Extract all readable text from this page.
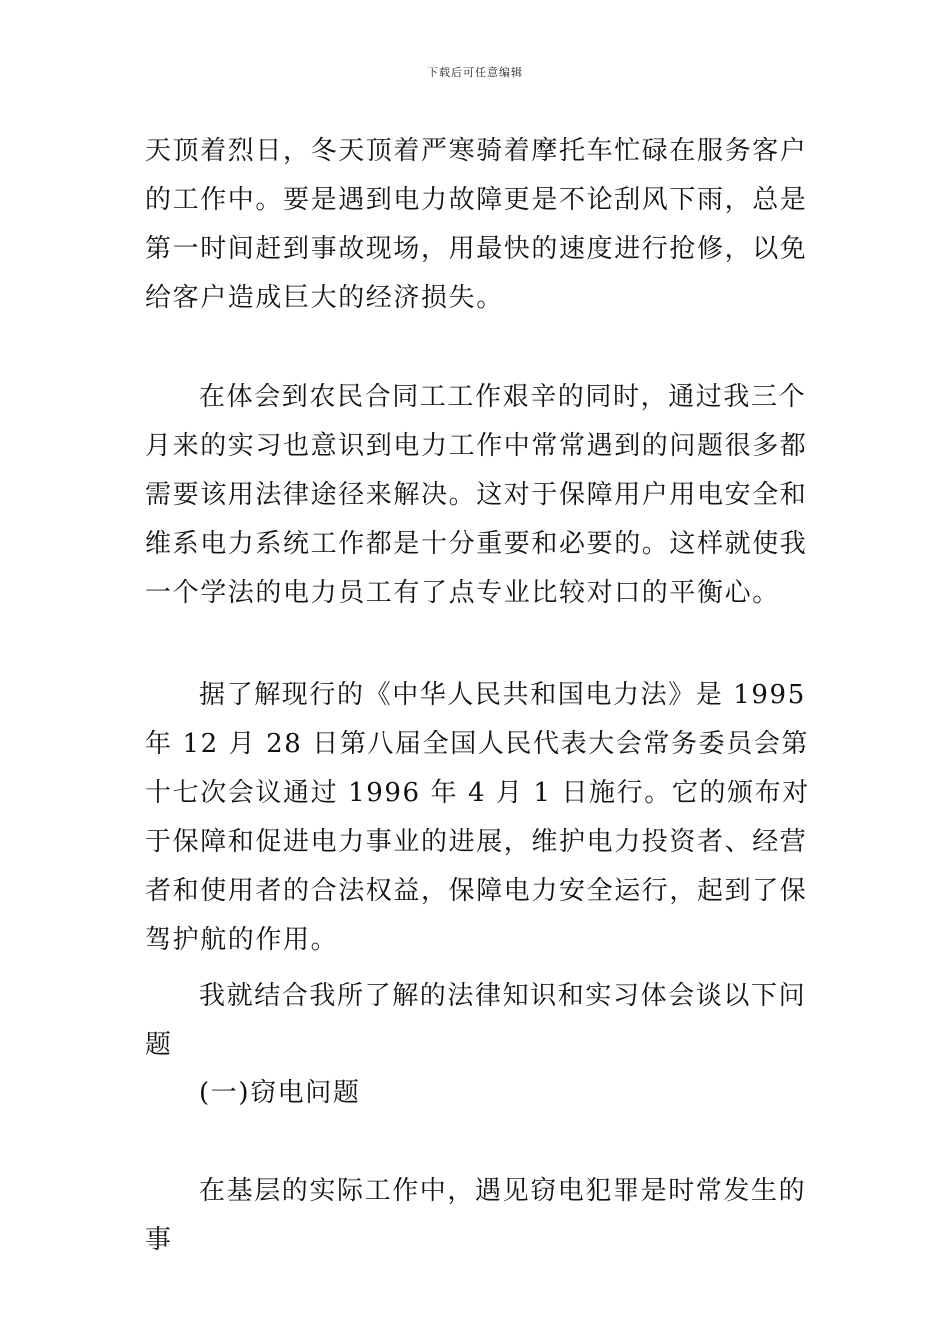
下载后可任意编辑

天顶着烈日，冬天顶着严寒骑着摩托车忙碌在服务客户的工作中。要是遇到电力故障更是不论刮风下雨，总是第一时间赶到事故现场，用最快的速度进行抢修，以免给客户造成巨大的经济损失。

在体会到农民合同工工作艰辛的同时，通过我三个月来的实习也意识到电力工作中常常遇到的问题很多都需要该用法律途径来解决。这对于保障用户用电安全和维系电力系统工作都是十分重要和必要的。这样就使我一个学法的电力员工有了点专业比较对口的平衡心。

据了解现行的《中华人民共和国电力法》是 1995 年 12 月 28 日第八届全国人民代表大会常务委员会第十七次会议通过 1996 年 4 月 1 日施行。它的颁布对于保障和促进电力事业的进展，维护电力投资者、经营者和使用者的合法权益，保障电力安全运行，起到了保驾护航的作用。

我就结合我所了解的法律知识和实习体会谈以下问题

(一)窃电问题

在基层的实际工作中，遇见窃电犯罪是时常发生的事
